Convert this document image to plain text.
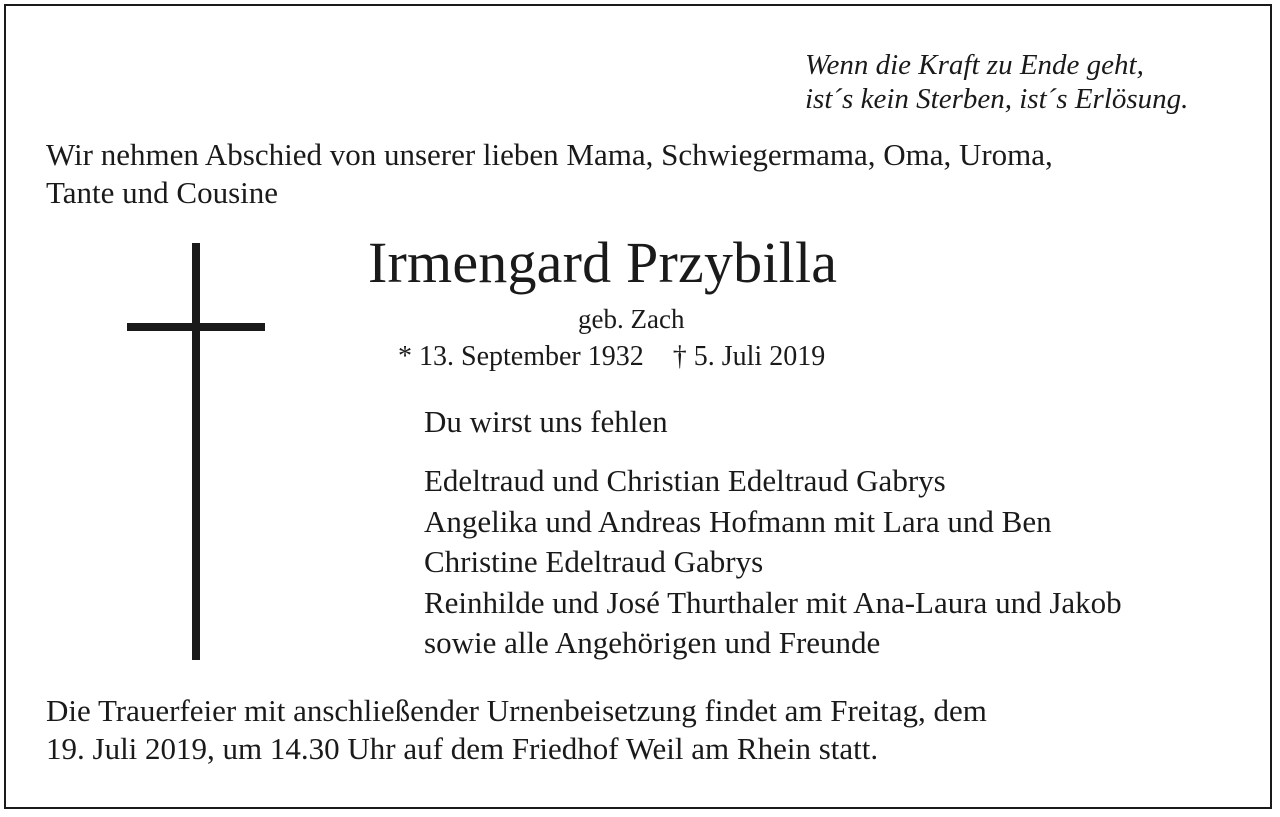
Wenn die Kraft zu Ende geht,
ist´s kein Sterben, ist´s Erlösung.
Wir nehmen Abschied von unserer lieben Mama, Schwiegermama, Oma, Uroma,
Tante und Cousine
Irmengard Przybilla
geb. Zach
* 13. September 1932 † 5. Juli 2019
Du wirst uns fehlen
Edeltraud und Christian Edeltraud Gabrys
Angelika und Andreas Hofmann mit Lara und Ben
Christine Edeltraud Gabrys
Reinhilde und José Thurthaler mit Ana-Laura und Jakob
sowie alle Angehörigen und Freunde
Die Trauerfeier mit anschließender Urnenbeisetzung findet am Freitag, dem
19. Juli 2019, um 14.30 Uhr auf dem Friedhof Weil am Rhein statt.
